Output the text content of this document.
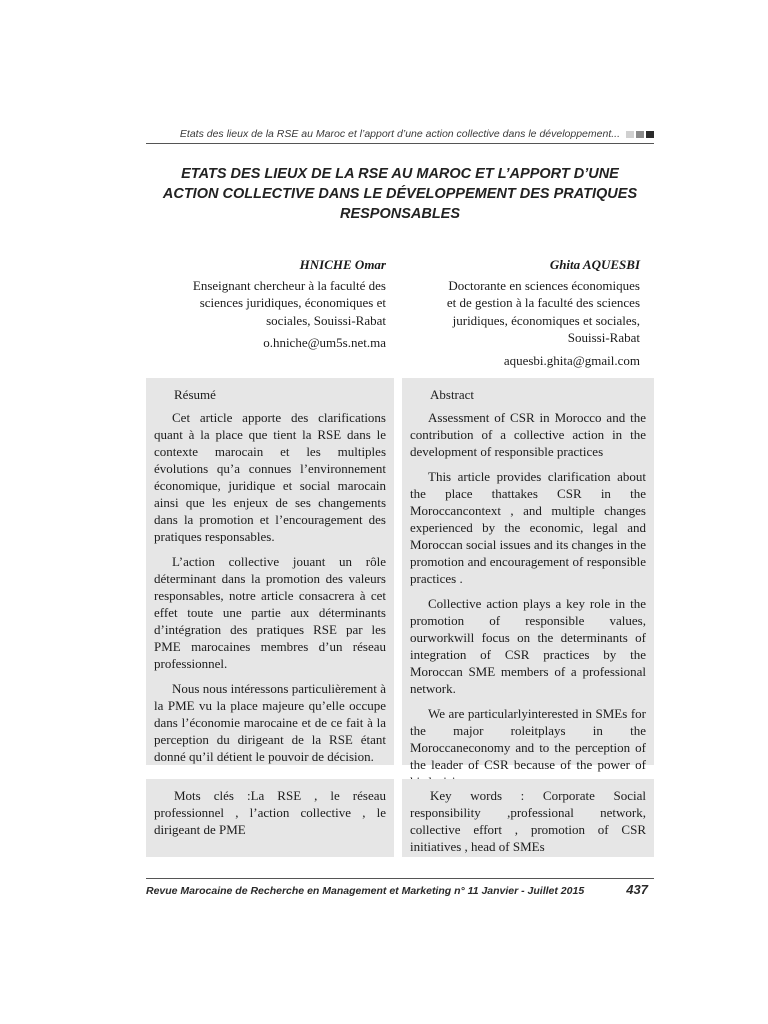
Etats des lieux de la RSE au Maroc et l’apport d’une action collective dans le développement...
ETATS DES LIEUX DE LA RSE AU MAROC ET L’APPORT D’UNE
ACTION COLLECTIVE DANS LE DÉVELOPPEMENT DES PRATIQUES
RESPONSABLES
HNICHE Omar
Enseignant chercheur à la faculté des
sciences juridiques, économiques et
sociales, Souissi-Rabat
o.hniche@um5s.net.ma
Ghita AQUESBI
Doctorante en sciences économiques
et de gestion à la faculté des sciences
juridiques, économiques et sociales,
Souissi-Rabat
aquesbi.ghita@gmail.com
Résumé

Cet article apporte des clarifications quant à la place que tient la RSE dans le contexte marocain et les multiples évolutions qu’a connues l’environnement économique, juridique et social marocain ainsi que les enjeux de ses changements dans la promotion et l’encouragement des pratiques responsables.

L’action collective jouant un rôle déterminant dans la promotion des valeurs responsables, notre article consacrera à cet effet toute une partie aux déterminants d’intégration des pratiques RSE par les PME marocaines membres d’un réseau professionnel.

Nous nous intéressons particulièrement à la PME vu la place majeure qu’elle occupe dans l’économie marocaine et de ce fait à la perception du dirigeant de la RSE étant donné qu’il détient le pouvoir de décision.

Abstract

Assessment of CSR in Morocco and the contribution of a collective action in the development of responsible practices

This article provides clarification about the place thattakes CSR in the Moroccancontext , and multiple changes experienced by the economic, legal and Moroccan social issues and its changes in the promotion and encouragement of responsible practices .

Collective action plays a key role in the promotion of responsible values, ourworkwill focus on the determinants of integration of CSR practices by the Moroccan SME members of a professional network.

We are particularlyinterested in SMEs for the major roleitplays in the Moroccaneconomy and to the perception of the leader of CSR because of the power of

Mots clés :La RSE , le réseau professionnel , l’action collective , le dirigeant de PME

Key words : Corporate Social responsibility ,professional network, collective effort , promotion of CSR initiatives , head of SMEs

Revue Marocaine de Recherche en Management et Marketing n° 11 Janvier - Juillet 2015	437
